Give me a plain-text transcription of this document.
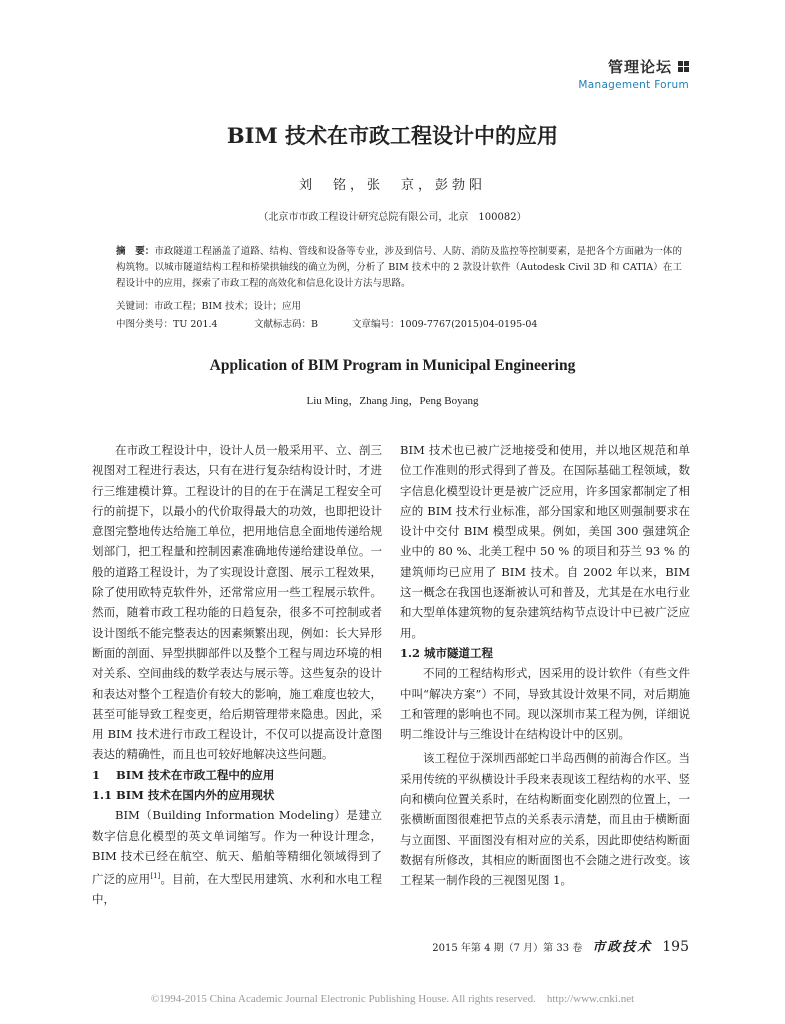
管理论坛
Management Forum
BIM 技术在市政工程设计中的应用
刘　铭，张　京，彭勃阳
（北京市市政工程设计研究总院有限公司，北京　100082）
摘　要：市政隧道工程涵盖了道路、结构、管线和设备等专业，涉及到信号、人防、消防及监控等控制要素，是把各个方面融为一体的构筑物。以城市隧道结构工程和桥梁拱轴线的确立为例，分析了 BIM 技术中的 2 款设计软件（Autodesk Civil 3D 和 CATIA）在工程设计中的应用，探索了市政工程的高效化和信息化设计方法与思路。
关键词：市政工程；BIM 技术；设计；应用
中图分类号：TU 201.4	文献标志码：B	文章编号：1009-7767(2015)04-0195-04
Application of BIM Program in Municipal Engineering
Liu Ming，Zhang Jing，Peng Boyang

在市政工程设计中，设计人员一般采用平、立、剖三视图对工程进行表达，只有在进行复杂结构设计时，才进行三维建模计算。工程设计的目的在于在满足工程安全可行的前提下，以最小的代价取得最大的功效，也即把设计意图完整地传达给施工单位，把用地信息全面地传递给规划部门，把工程量和控制因素准确地传递给建设单位。一般的道路工程设计，为了实现设计意图、展示工程效果，除了使用欧特克软件外，还常常应用一些工程展示软件。然而，随着市政工程功能的日趋复杂，很多不可控制或者设计图纸不能完整表达的因素频繁出现，例如：长大异形断面的剖面、异型拱脚部件以及整个工程与周边环境的相对关系、空间曲线的数学表达与展示等。这些复杂的设计和表达对整个工程造价有较大的影响，施工难度也较大，甚至可能导致工程变更，给后期管理带来隐患。因此，采用 BIM 技术进行市政工程设计，不仅可以提高设计意图表达的精确性，而且也可较好地解决这些问题。

1 BIM 技术在市政工程中的应用
1.1 BIM 技术在国内外的应用现状

BIM（Building Information Modeling）是建立数字信息化模型的英文单词缩写。作为一种设计理念，BIM 技术已经在航空、航天、船舶等精细化领域得到了广泛的应用[1]。目前，在大型民用建筑、水利和水电工程中，

BIM 技术也已被广泛地接受和使用，并以地区规范和单位工作准则的形式得到了普及。在国际基础工程领域，数字信息化模型设计更是被广泛应用，许多国家都制定了相应的 BIM 技术行业标准，部分国家和地区则强制要求在设计中交付 BIM 模型成果。例如，美国 300 强建筑企业中的 80 %、北美工程中 50 % 的项目和芬兰 93 % 的建筑师均已应用了 BIM 技术。自 2002 年以来，BIM 这一概念在我国也逐渐被认可和普及，尤其是在水电行业和大型单体建筑物的复杂建筑结构节点设计中已被广泛应用。

1.2 城市隧道工程

不同的工程结构形式，因采用的设计软件（有些文件中叫“解决方案”）不同，导致其设计效果不同，对后期施工和管理的影响也不同。现以深圳市某工程为例，详细说明二维设计与三维设计在结构设计中的区别。

该工程位于深圳西部蛇口半岛西侧的前海合作区。当采用传统的平纵横设计手段来表现该工程结构的水平、竖向和横向位置关系时，在结构断面变化剧烈的位置上，一张横断面图很难把节点的关系表示清楚，而且由于横断面与立面图、平面图没有相对应的关系，因此即使结构断面数据有所修改，其相应的断面图也不会随之进行改变。该工程某一制作段的三视图见图 1。

2015 年第 4 期（7 月）第 33 卷 市政技术 195
©1994-2015 China Academic Journal Electronic Publishing House. All rights reserved.　http://www.cnki.net
